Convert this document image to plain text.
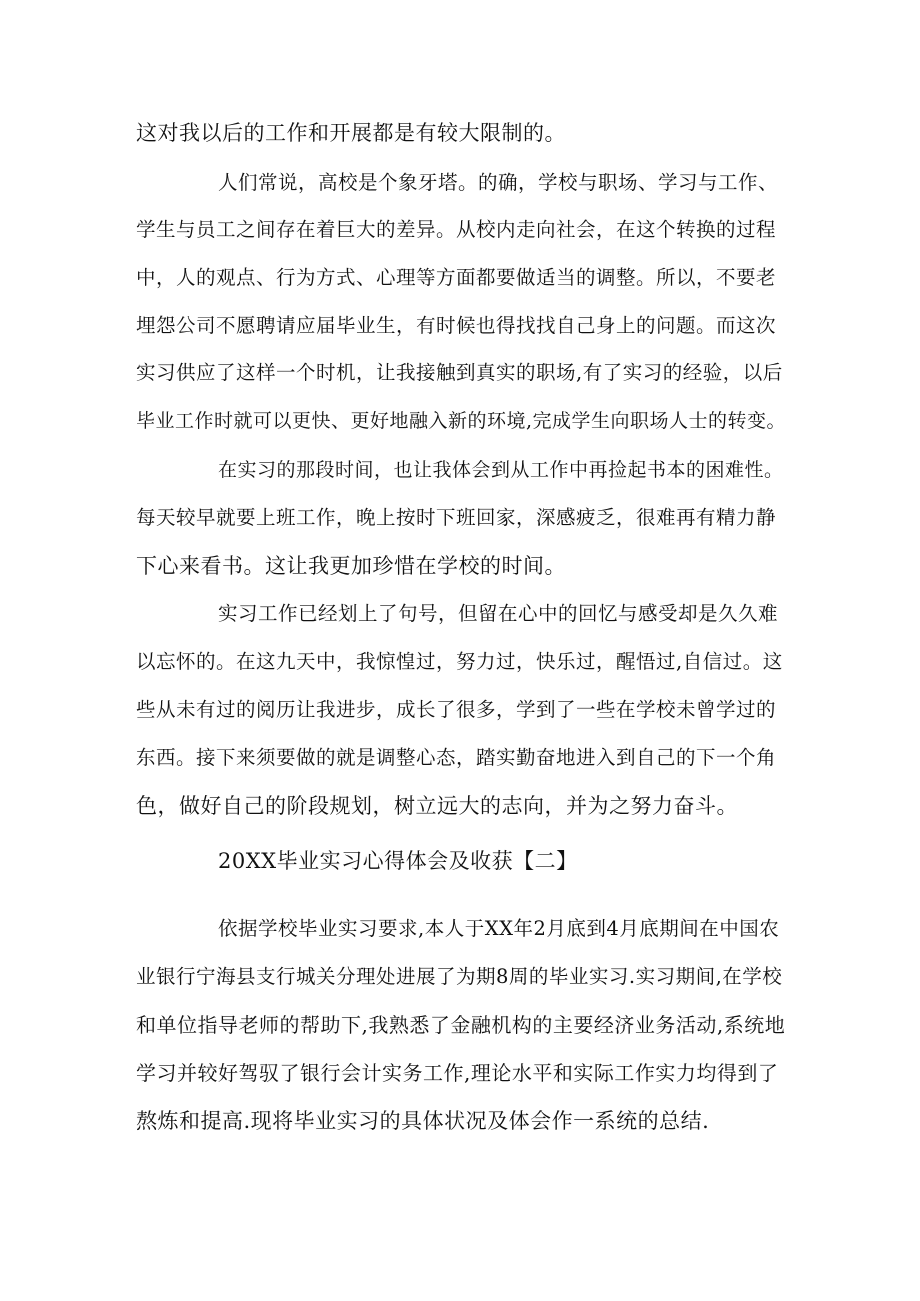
这对我以后的工作和开展都是有较大限制的。
人们常说，高校是个象牙塔。的确，学校与职场、学习与工作、
学生与员工之间存在着巨大的差异。从校内走向社会，在这个转换的过程
中，人的观点、行为方式、心理等方面都要做适当的调整。所以，不要老
埋怨公司不愿聘请应届毕业生，有时候也得找找自己身上的问题。而这次
实习供应了这样一个时机，让我接触到真实的职场,有了实习的经验，以后
毕业工作时就可以更快、更好地融入新的环境,完成学生向职场人士的转变。
在实习的那段时间，也让我体会到从工作中再捡起书本的困难性。
每天较早就要上班工作，晚上按时下班回家，深感疲乏，很难再有精力静
下心来看书。这让我更加珍惜在学校的时间。
实习工作已经划上了句号，但留在心中的回忆与感受却是久久难
以忘怀的。在这九天中，我惊惶过，努力过，快乐过，醒悟过,自信过。这
些从未有过的阅历让我进步，成长了很多，学到了一些在学校未曾学过的
东西。接下来须要做的就是调整心态，踏实勤奋地进入到自己的下一个角
色，做好自己的阶段规划，树立远大的志向，并为之努力奋斗。
20XX毕业实习心得体会及收获【二】
依据学校毕业实习要求,本人于XX年2月底到4月底期间在中国农
业银行宁海县支行城关分理处进展了为期8周的毕业实习.实习期间,在学校
和单位指导老师的帮助下,我熟悉了金融机构的主要经济业务活动,系统地
学习并较好驾驭了银行会计实务工作,理论水平和实际工作实力均得到了
熬炼和提高.现将毕业实习的具体状况及体会作一系统的总结.
